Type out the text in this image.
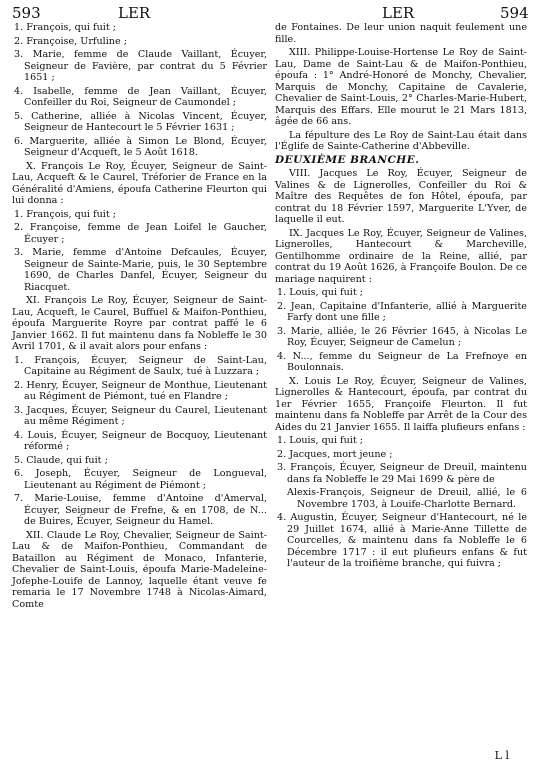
593	LER	LER	594

1. François, qui fuit ;

2. Françoise, Urfuline ;

3. Marie, femme de Claude Vaillant, Écuyer, Seigneur de Favière, par contrat du 5 Février 1651 ;

4. Isabelle, femme de Jean Vaillant, Écuyer, Confeiller du Roi, Seigneur de Caumondel ;

5. Catherine, alliée à Nicolas Vincent, Écuyer, Seigneur de Hantecourt le 5 Février 1631 ;

6. Marguerite, alliée à Simon Le Blond, Écuyer, Seigneur d'Acqueft, le 5 Août 1618.

X. François Le Roy, Écuyer, Seigneur de Saint-Lau, Acqueft & le Caurel, Tréforier de France en la Généralité d'Amiens, époufa Catherine Fleurton qui lui donna :

1. François, qui fuit ;

2. Françoise, femme de Jean Loifel le Gaucher, Écuyer ;

3. Marie, femme d'Antoine Defcaules, Écuyer, Seigneur de Sainte-Marie, puis, le 30 Septembre 1690, de Charles Danfel, Écuyer, Seigneur du Riacquet.

XI. François Le Roy, Écuyer, Seigneur de Saint-Lau, Acqueft, le Caurel, Buffuel & Maifon-Ponthieu, époufa Marguerite Royre par contrat paffé le 6 Janvier 1662. Il fut maintenu dans fa Nobleffe le 30 Avril 1701, & il avait alors pour enfans :

1. François, Écuyer, Seigneur de Saint-Lau, Capitaine au Régiment de Saulx, tué à Luzzara ;

2. Henry, Écuyer, Seigneur de Monthue, Lieutenant au Régiment de Piémont, tué en Flandre ;

3. Jacques, Écuyer, Seigneur du Caurel, Lieutenant au même Régiment ;

4. Louis, Écuyer, Seigneur de Bocquoy, Lieutenant réformé ;

5. Claude, qui fuit ;

6. Joseph, Écuyer, Seigneur de Longueval, Lieutenant au Régiment de Piémont ;

7. Marie-Louise, femme d'Antoine d'Amerval, Écuyer, Seigneur de Frefne, & en 1708, de N... de Buires, Écuyer, Seigneur du Hamel.

XII. Claude Le Roy, Chevalier, Seigneur de Saint-Lau & de Maifon-Ponthieu, Commandant de Bataillon au Régiment de Monaco, Infanterie, Chevalier de Saint-Louis, époufa Marie-Madeleine-Jofephe-Louife de Lannoy, laquelle étant veuve fe remaria le 17 Novembre 1748 à Nicolas-Aimard, Comte

de Fontaines. De leur union naquit feulement une fille.

XIII. Philippe-Louise-Hortense Le Roy de Saint-Lau, Dame de Saint-Lau & de Maifon-Ponthieu, époufa : 1° André-Honoré de Monchy, Chevalier, Marquis de Monchy, Capitaine de Cavalerie, Chevalier de Saint-Louis, 2° Charles-Marie-Hubert, Marquis des Effars. Elle mourut le 21 Mars 1813, âgée de 66 ans.

La fépulture des Le Roy de Saint-Lau était dans l'Églife de Sainte-Catherine d'Abbeville.

DEUXIÈME BRANCHE.

VIII. Jacques Le Roy, Écuyer, Seigneur de Valines & de Lignerolles, Confeiller du Roi & Maître des Requêtes de fon Hôtel, époufa, par contrat du 18 Février 1597, Marguerite L'Yver, de laquelle il eut.

IX. Jacques Le Roy, Écuyer, Seigneur de Valines, Lignerolles, Hantecourt & Marcheville, Gentilhomme ordinaire de la Reine, allié, par contrat du 19 Août 1626, à Françoife Boulon. De ce mariage naquirent :

1. Louis, qui fuit ;

2. Jean, Capitaine d'Infanterie, allié à Marguerite Farfy dont une fille ;

3. Marie, alliée, le 26 Février 1645, à Nicolas Le Roy, Écuyer, Seigneur de Camelun ;

4. N..., femme du Seigneur de La Frefnoye en Boulonnais.

X. Louis Le Roy, Écuyer, Seigneur de Valines, Lignerolles & Hantecourt, époufa, par contrat du 1er Février 1655, Françoife Fleurton. Il fut maintenu dans fa Nobleffe par Arrêt de la Cour des Aides du 21 Janvier 1655. Il laiffa plufieurs enfans :

1. Louis, qui fuit ;

2. Jacques, mort jeune ;

3. François, Écuyer, Seigneur de Dreuil, maintenu dans fa Nobleffe le 29 Mai 1699 & père de

Alexis-François, Seigneur de Dreuil, allié, le 6 Novembre 1703, à Louife-Charlotte Bernard.

4. Augustin, Écuyer, Seigneur d'Hantecourt, né le 29 Juillet 1674, allié à Marie-Anne Tillette de Courcelles, & maintenu dans fa Nobleffe le 6 Décembre 1717 : il eut plufieurs enfans & fut l'auteur de la troifième branche, qui fuivra ;

L l
